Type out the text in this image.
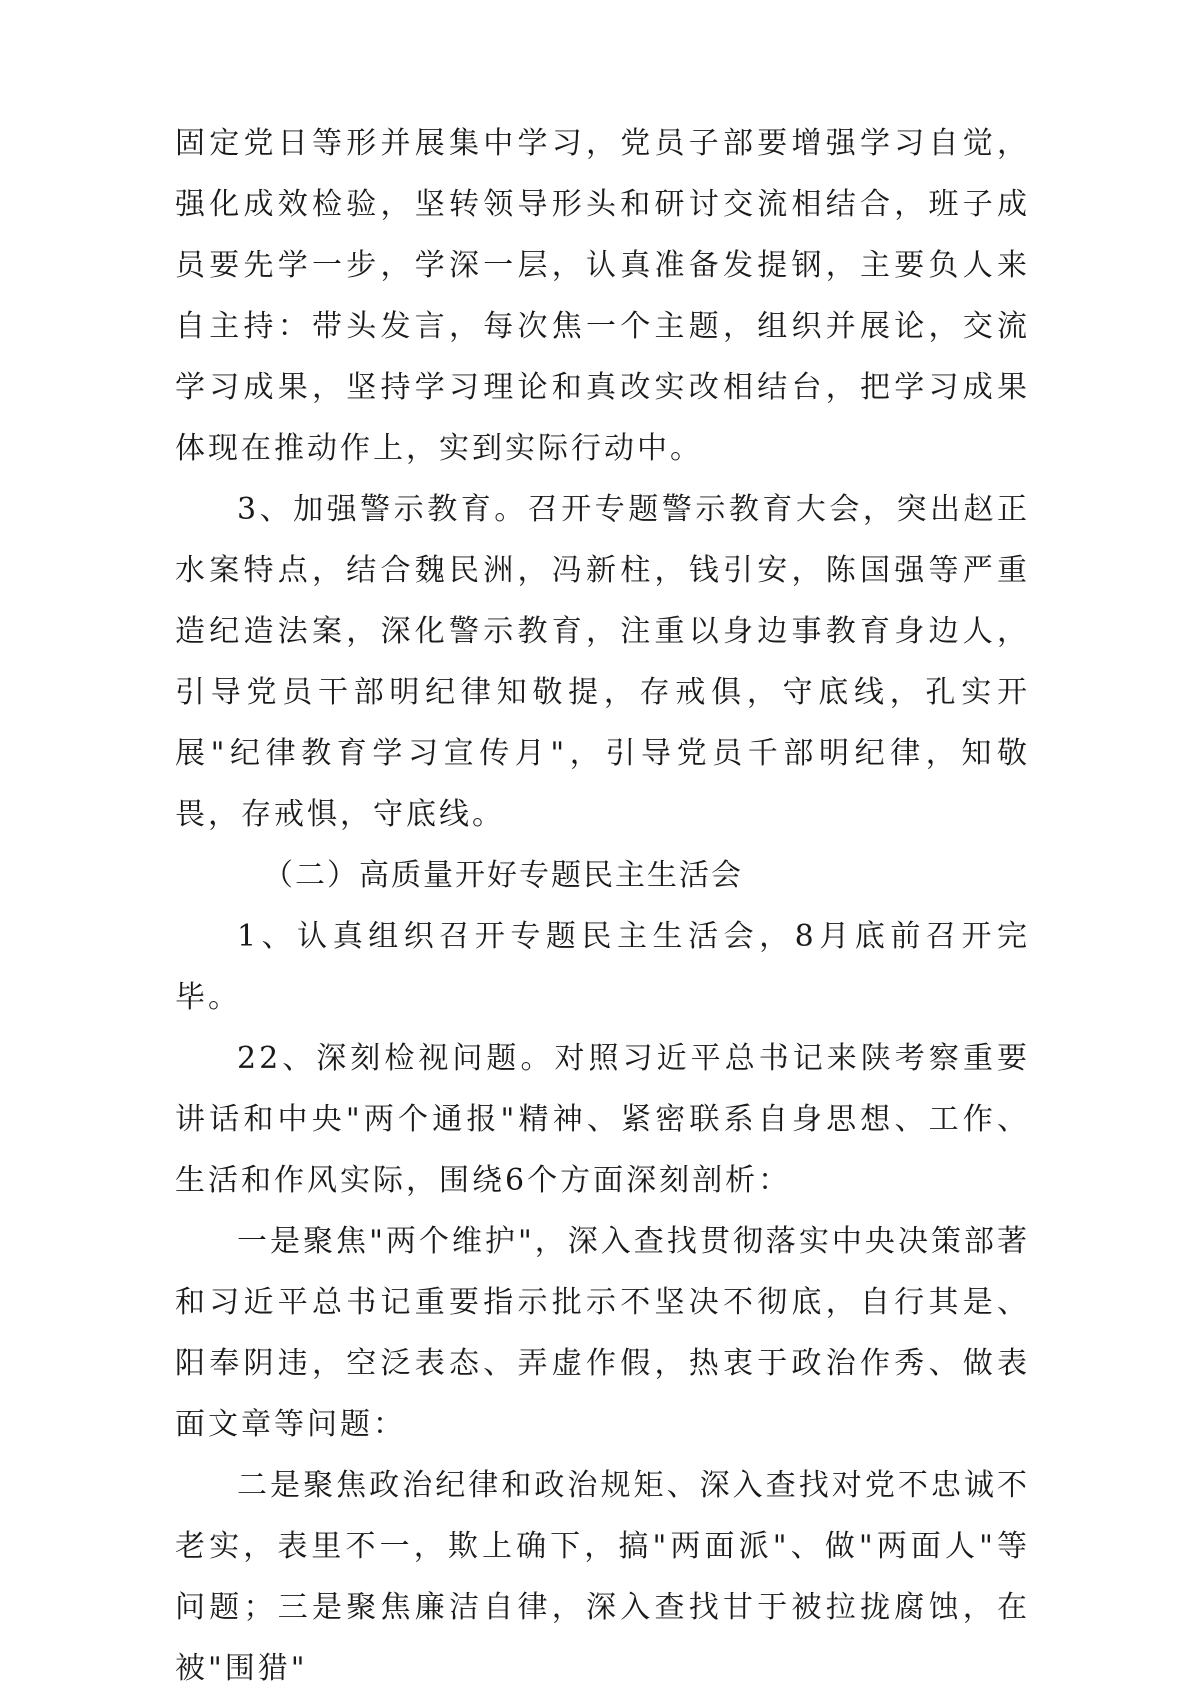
固定党日等形并展集中学习，党员子部要增强学习自觉，强化成效检验，坚转领导形头和研讨交流相结合，班子成员要先学一步，学深一层，认真准备发提钢，主要负人来自主持：带头发言，每次焦一个主题，组织并展论，交流学习成果，坚持学习理论和真改实改相结台，把学习成果体现在推动作上，实到实际行动中。

3、加强警示教育。召开专题警示教育大会，突出赵正水案特点，结合魏民洲，冯新柱，钱引安，陈国强等严重造纪造法案，深化警示教育，注重以身边事教育身边人，引导党员干部明纪律知敬提，存戒俱，守底线，孔实开展"纪律教育学习宣传月"，引导党员千部明纪律，知敬畏，存戒惧，守底线。

（二）高质量开好专题民主生活会

1、认真组织召开专题民主生活会，8月底前召开完毕。

22、深刻检视问题。对照习近平总书记来陕考察重要讲话和中央"两个通报"精神、紧密联系自身思想、工作、生活和作风实际，围绕6个方面深刻剖析：

一是聚焦"两个维护"，深入查找贯彻落实中央决策部著和习近平总书记重要指示批示不坚决不彻底，自行其是、阳奉阴违，空泛表态、弄虚作假，热衷于政治作秀、做表面文章等问题：

二是聚焦政治纪律和政治规矩、深入查找对党不忠诚不老实，表里不一，欺上确下，搞"两面派"、做"两面人"等问题；三是聚焦廉洁自律，深入查找甘于被拉拢腐蚀，在被"围猎"
